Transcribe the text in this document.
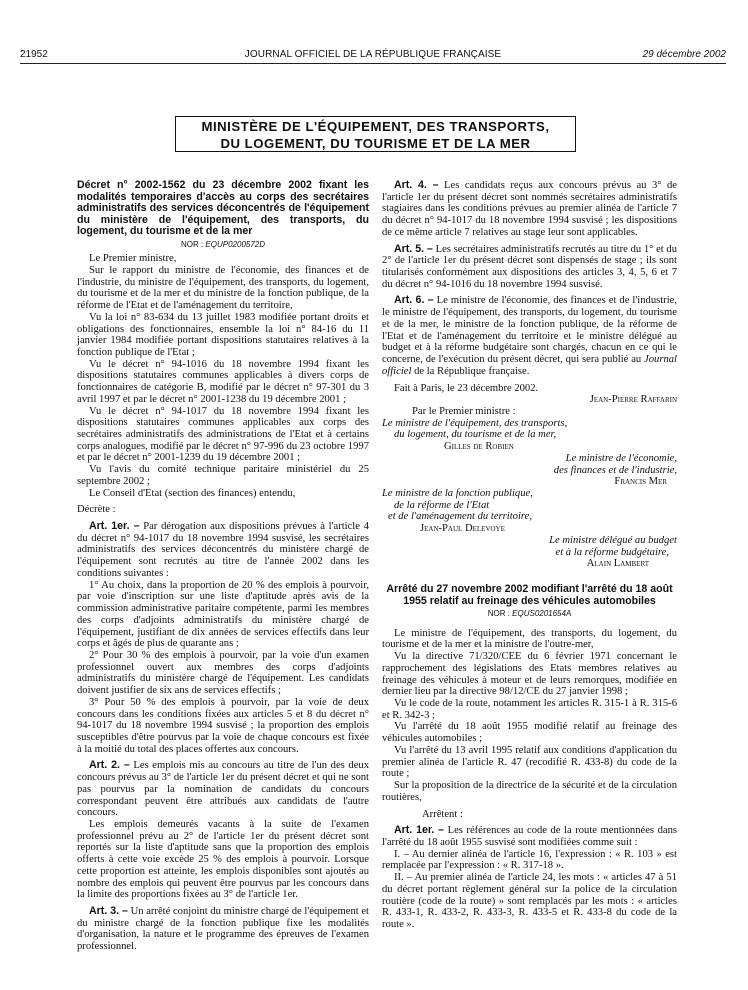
21952	JOURNAL OFFICIEL DE LA RÉPUBLIQUE FRANÇAISE	29 décembre 2002
MINISTÈRE DE L'ÉQUIPEMENT, DES TRANSPORTS,
DU LOGEMENT, DU TOURISME ET DE LA MER
Décret n° 2002-1562 du 23 décembre 2002 fixant les modalités temporaires d'accès au corps des secrétaires administratifs des services déconcentrés de l'équipement du ministère de l'équipement, des transports, du logement, du tourisme et de la mer
NOR : EQUP0200572D

Le Premier ministre,

Sur le rapport du ministre de l'économie, des finances et de l'industrie, du ministre de l'équipement, des transports, du logement, du tourisme et de la mer et du ministre de la fonction publique, de la réforme de l'Etat et de l'aménagement du territoire,

Vu la loi n° 83-634 du 13 juillet 1983 modifiée portant droits et obligations des fonctionnaires, ensemble la loi n° 84-16 du 11 janvier 1984 modifiée portant dispositions statutaires relatives à la fonction publique de l'Etat ;

Vu le décret n° 94-1016 du 18 novembre 1994 fixant les dispositions statutaires communes applicables à divers corps de fonctionnaires de catégorie B, modifié par le décret n° 97-301 du 3 avril 1997 et par le décret n° 2001-1238 du 19 décembre 2001 ;

Vu le décret n° 94-1017 du 18 novembre 1994 fixant les dispositions statutaires communes applicables aux corps des secrétaires administratifs des administrations de l'Etat et à certains corps analogues, modifié par le décret n° 97-996 du 23 octobre 1997 et par le décret n° 2001-1239 du 19 décembre 2001 ;

Vu l'avis du comité technique paritaire ministériel du 25 septembre 2002 ;

Le Conseil d'Etat (section des finances) entendu,

Décrète :

Art. 1er. – Par dérogation aux dispositions prévues à l'article 4 du décret n° 94-1017 du 18 novembre 1994 susvisé, les secrétaires administratifs des services déconcentrés du ministère chargé de l'équipement sont recrutés au titre de l'année 2002 dans les conditions suivantes :

1° Au choix, dans la proportion de 20 % des emplois à pourvoir, par voie d'inscription sur une liste d'aptitude après avis de la commission administrative paritaire compétente, parmi les membres des corps d'adjoints administratifs du ministère chargé de l'équipement, justifiant de dix années de services effectifs dans leur corps et âgés de plus de quarante ans ;

2° Pour 30 % des emplois à pourvoir, par la voie d'un examen professionnel ouvert aux membres des corps d'adjoints administratifs du ministère chargé de l'équipement. Les candidats doivent justifier de six ans de services effectifs ;

3° Pour 50 % des emplois à pourvoir, par la voie de deux concours dans les conditions fixées aux articles 5 et 8 du décret n° 94-1017 du 18 novembre 1994 susvisé ; la proportion des emplois susceptibles d'être pourvus par la voie de chaque concours est fixée à la moitié du total des places offertes aux concours.

Art. 2. – Les emplois mis au concours au titre de l'un des deux concours prévus au 3° de l'article 1er du présent décret et qui ne sont pas pourvus par la nomination de candidats du concours correspondant peuvent être attribués aux candidats de l'autre concours.

Les emplois demeurés vacants à la suite de l'examen professionnel prévu au 2° de l'article 1er du présent décret sont reportés sur la liste d'aptitude sans que la proportion des emplois offerts à cette voie excède 25 % des emplois à pourvoir. Lorsque cette proportion est atteinte, les emplois disponibles sont ajoutés au nombre des emplois qui peuvent être pourvus par les concours dans la limite des proportions fixées au 3° de l'article 1er.

Art. 3. – Un arrêté conjoint du ministre chargé de l'équipement et du ministre chargé de la fonction publique fixe les modalités d'organisation, la nature et le programme des épreuves de l'examen professionnel.

Art. 4. – Les candidats reçus aux concours prévus au 3° de l'article 1er du présent décret sont nommés secrétaires administratifs stagiaires dans les conditions prévues au premier alinéa de l'article 7 du décret n° 94-1017 du 18 novembre 1994 susvisé ; les dispositions de ce même article 7 relatives au stage leur sont applicables.

Art. 5. – Les secrétaires administratifs recrutés au titre du 1° et du 2° de l'article 1er du présent décret sont dispensés de stage ; ils sont titularisés conformément aux dispositions des articles 3, 4, 5, 6 et 7 du décret n° 94-1016 du 18 novembre 1994 susvisé.

Art. 6. – Le ministre de l'économie, des finances et de l'industrie, le ministre de l'équipement, des transports, du logement, du tourisme et de la mer, le ministre de la fonction publique, de la réforme de l'Etat et de l'aménagement du territoire et le ministre délégué au budget et à la réforme budgétaire sont chargés, chacun en ce qui le concerne, de l'exécution du présent décret, qui sera publié au Journal officiel de la République française.

Fait à Paris, le 23 décembre 2002.

Jean-Pierre Raffarin

Par le Premier ministre :

Le ministre de l'équipement, des transports,

du logement, du tourisme et de la mer,

Gilles de Robien

Le ministre de l'économie,

des finances et de l'industrie,

Francis Mer

Le ministre de la fonction publique,

de la réforme de l'Etat

et de l'aménagement du territoire,

Jean-Paul Delevoye

Le ministre délégué au budget

et à la réforme budgétaire,

Alain Lambert

Arrêté du 27 novembre 2002 modifiant l'arrêté du 18 août 1955 relatif au freinage des véhicules automobiles
NOR : EQUS0201654A

Le ministre de l'équipement, des transports, du logement, du tourisme et de la mer et la ministre de l'outre-mer,

Vu la directive 71/320/CEE du 6 février 1971 concernant le rapprochement des législations des Etats membres relatives au freinage des véhicules à moteur et de leurs remorques, modifiée en dernier lieu par la directive 98/12/CE du 27 janvier 1998 ;

Vu le code de la route, notamment les articles R. 315-1 à R. 315-6 et R. 342-3 ;

Vu l'arrêté du 18 août 1955 modifié relatif au freinage des véhicules automobiles ;

Vu l'arrêté du 13 avril 1995 relatif aux conditions d'application du premier alinéa de l'article R. 47 (recodifié R. 433-8) du code de la route ;

Sur la proposition de la directrice de la sécurité et de la circulation routières,

Arrêtent :

Art. 1er. – Les références au code de la route mentionnées dans l'arrêté du 18 août 1955 susvisé sont modifiées comme suit :

I. – Au dernier alinéa de l'article 16, l'expression : « R. 103 » est remplacée par l'expression : « R. 317-18 ».

II. – Au premier alinéa de l'article 24, les mots : « articles 47 à 51 du décret portant règlement général sur la police de la circulation routière (code de la route) » sont remplacés par les mots : « articles R. 433-1, R. 433-2, R. 433-3, R. 433-5 et R. 433-8 du code de la route ».
